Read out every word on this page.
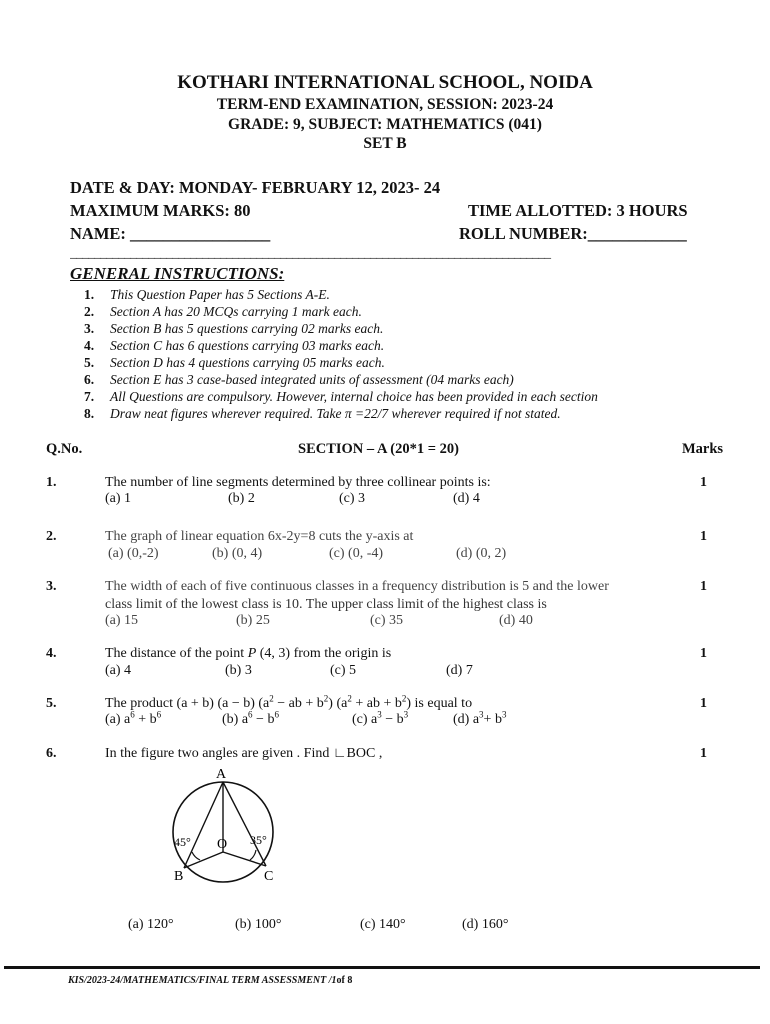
KOTHARI INTERNATIONAL SCHOOL, NOIDA
TERM-END EXAMINATION, SESSION: 2023-24
GRADE: 9, SUBJECT: MATHEMATICS (041)
SET B
DATE & DAY: MONDAY- FEBRUARY 12, 2023- 24
MAXIMUM MARKS: 80	TIME ALLOTTED: 3 HOURS
NAME: _________________	ROLL NUMBER:____________
________________________________________________________________________________
GENERAL INSTRUCTIONS:
1. This Question Paper has 5 Sections A-E.
2. Section A has 20 MCQs carrying 1 mark each.
3. Section B has 5 questions carrying 02 marks each.
4. Section C has 6 questions carrying 03 marks each.
5. Section D has 4 questions carrying 05 marks each.
6. Section E has 3 case-based integrated units of assessment (04 marks each)
7. All Questions are compulsory. However, internal choice has been provided in each section
8. Draw neat figures wherever required. Take π =22/7 wherever required if not stated.
Q.No.	SECTION – A (20*1 = 20)	Marks
1.	1
The number of line segments determined by three collinear points is:
(a) 1	(b) 2	(c) 3	(d) 4
2.	1
The graph of linear equation 6x-2y=8 cuts the y-axis at
(a) (0,-2)	(b) (0, 4)	(c) (0, -4)	(d) (0, 2)
3.	1
The width of each of five continuous classes in a frequency distribution is 5 and the lower
class limit of the lowest class is 10. The upper class limit of the highest class is
(a) 15	(b) 25	(c) 35	(d) 40
4.	1
The distance of the point P (4, 3) from the origin is
(a) 4	(b) 3	(c) 5	(d) 7
5.	1
The product (a + b) (a − b) ($a^2$ − ab + $b^2$) ($a^2$ + ab + $b^2$) is equal to
(a) $a^6 + b^6$	(b) $a^6 - b^6$	(c) $a^3 - b^3$	(d) $a^3+ b^3$
6.	1
In the figure two angles are given . Find ∟BOC ,
A
B	C
O
45°	35°
(a) 120°	(b) 100°	(c) 140°	(d) 160°
KIS/2023-24/MATHEMATICS/FINAL TERM ASSESSMENT /1of 8
